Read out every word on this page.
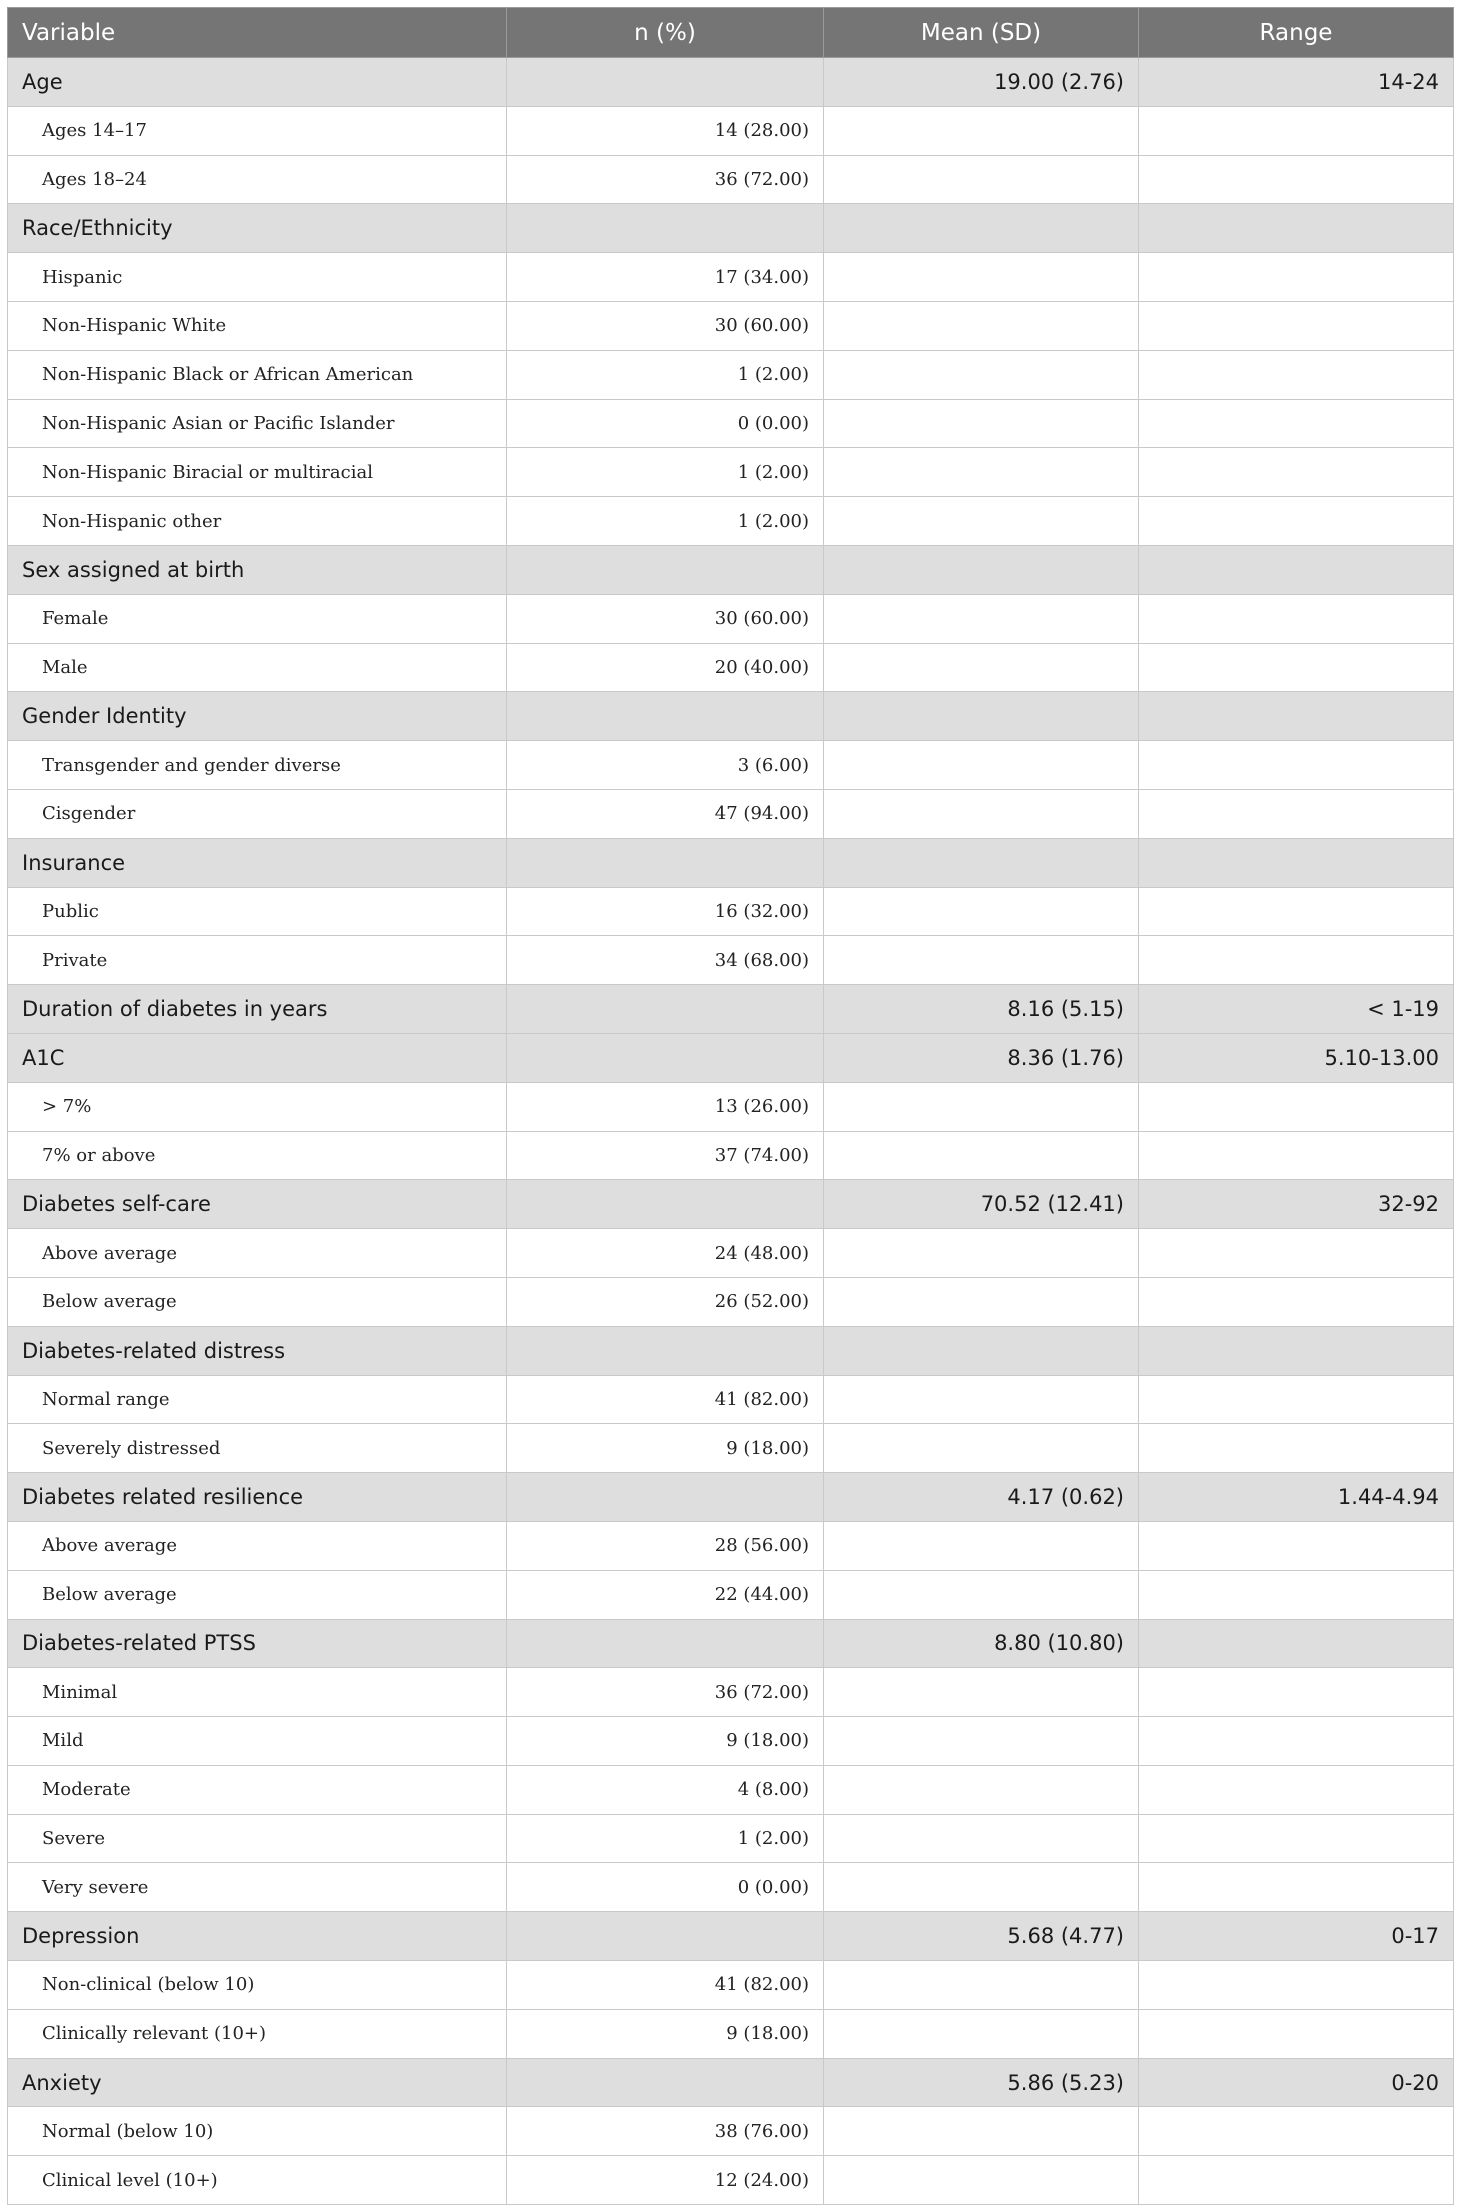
Variable	n (%)	Mean (SD)	Range
Age		19.00 (2.76)	14-24
Ages 14–17	14 (28.00)		
Ages 18–24	36 (72.00)		
Race/Ethnicity			
Hispanic	17 (34.00)		
Non-Hispanic White	30 (60.00)		
Non-Hispanic Black or African American	1 (2.00)		
Non-Hispanic Asian or Pacific Islander	0 (0.00)		
Non-Hispanic Biracial or multiracial	1 (2.00)		
Non-Hispanic other	1 (2.00)		
Sex assigned at birth			
Female	30 (60.00)		
Male	20 (40.00)		
Gender Identity			
Transgender and gender diverse	3 (6.00)		
Cisgender	47 (94.00)		
Insurance			
Public	16 (32.00)		
Private	34 (68.00)		
Duration of diabetes in years		8.16 (5.15)	< 1-19
A1C		8.36 (1.76)	5.10-13.00
> 7%	13 (26.00)		
7% or above	37 (74.00)		
Diabetes self-care		70.52 (12.41)	32-92
Above average	24 (48.00)		
Below average	26 (52.00)		
Diabetes-related distress			
Normal range	41 (82.00)		
Severely distressed	9 (18.00)		
Diabetes related resilience		4.17 (0.62)	1.44-4.94
Above average	28 (56.00)		
Below average	22 (44.00)		
Diabetes-related PTSS		8.80 (10.80)	
Minimal	36 (72.00)		
Mild	9 (18.00)		
Moderate	4 (8.00)		
Severe	1 (2.00)		
Very severe	0 (0.00)		
Depression		5.68 (4.77)	0-17
Non-clinical (below 10)	41 (82.00)		
Clinically relevant (10+)	9 (18.00)		
Anxiety		5.86 (5.23)	0-20
Normal (below 10)	38 (76.00)		
Clinical level (10+)	12 (24.00)		
